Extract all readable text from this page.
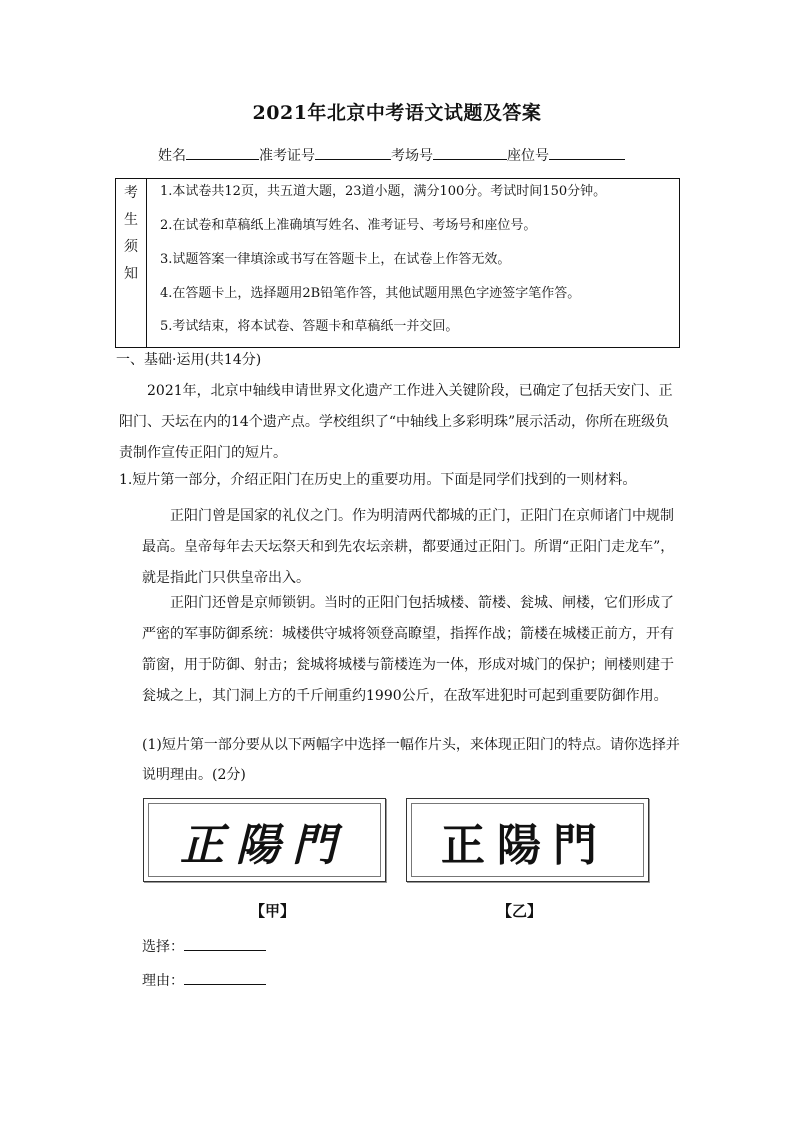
2021年北京中考语文试题及答案
姓名	准考证号	考场号	座位号
考
生
须
知
1.本试卷共12页，共五道大题，23道小题，满分100分。考试时间150分钟。
2.在试卷和草稿纸上准确填写姓名、准考证号、考场号和座位号。
3.试题答案一律填涂或书写在答题卡上，在试卷上作答无效。
4.在答题卡上，选择题用2B铅笔作答，其他试题用黑色字迹签字笔作答。
5.考试结束，将本试卷、答题卡和草稿纸一并交回。
一、基础·运用(共14分)

2021年，北京中轴线申请世界文化遗产工作进入关键阶段，已确定了包括天安门、正阳门、天坛在内的14个遗产点。学校组织了“中轴线上多彩明珠”展示活动，你所在班级负责制作宣传正阳门的短片。

1.短片第一部分，介绍正阳门在历史上的重要功用。下面是同学们找到的一则材料。

正阳门曾是国家的礼仪之门。作为明清两代都城的正门，正阳门在京师诸门中规制最高。皇帝每年去天坛祭天和到先农坛亲耕，都要通过正阳门。所谓“正阳门走龙车”，就是指此门只供皇帝出入。

正阳门还曾是京师锁钥。当时的正阳门包括城楼、箭楼、瓮城、闸楼，它们形成了严密的军事防御系统：城楼供守城将领登高瞭望，指挥作战；箭楼在城楼正前方，开有箭窗，用于防御、射击；瓮城将城楼与箭楼连为一体，形成对城门的保护；闸楼则建于瓮城之上，其门洞上方的千斤闸重约1990公斤，在敌军进犯时可起到重要防御作用。

(1)短片第一部分要从以下两幅字中选择一幅作片头，来体现正阳门的特点。请你选择并说明理由。(2分)

正陽門 正陽門
【甲】	【乙】
选择：
理由：
